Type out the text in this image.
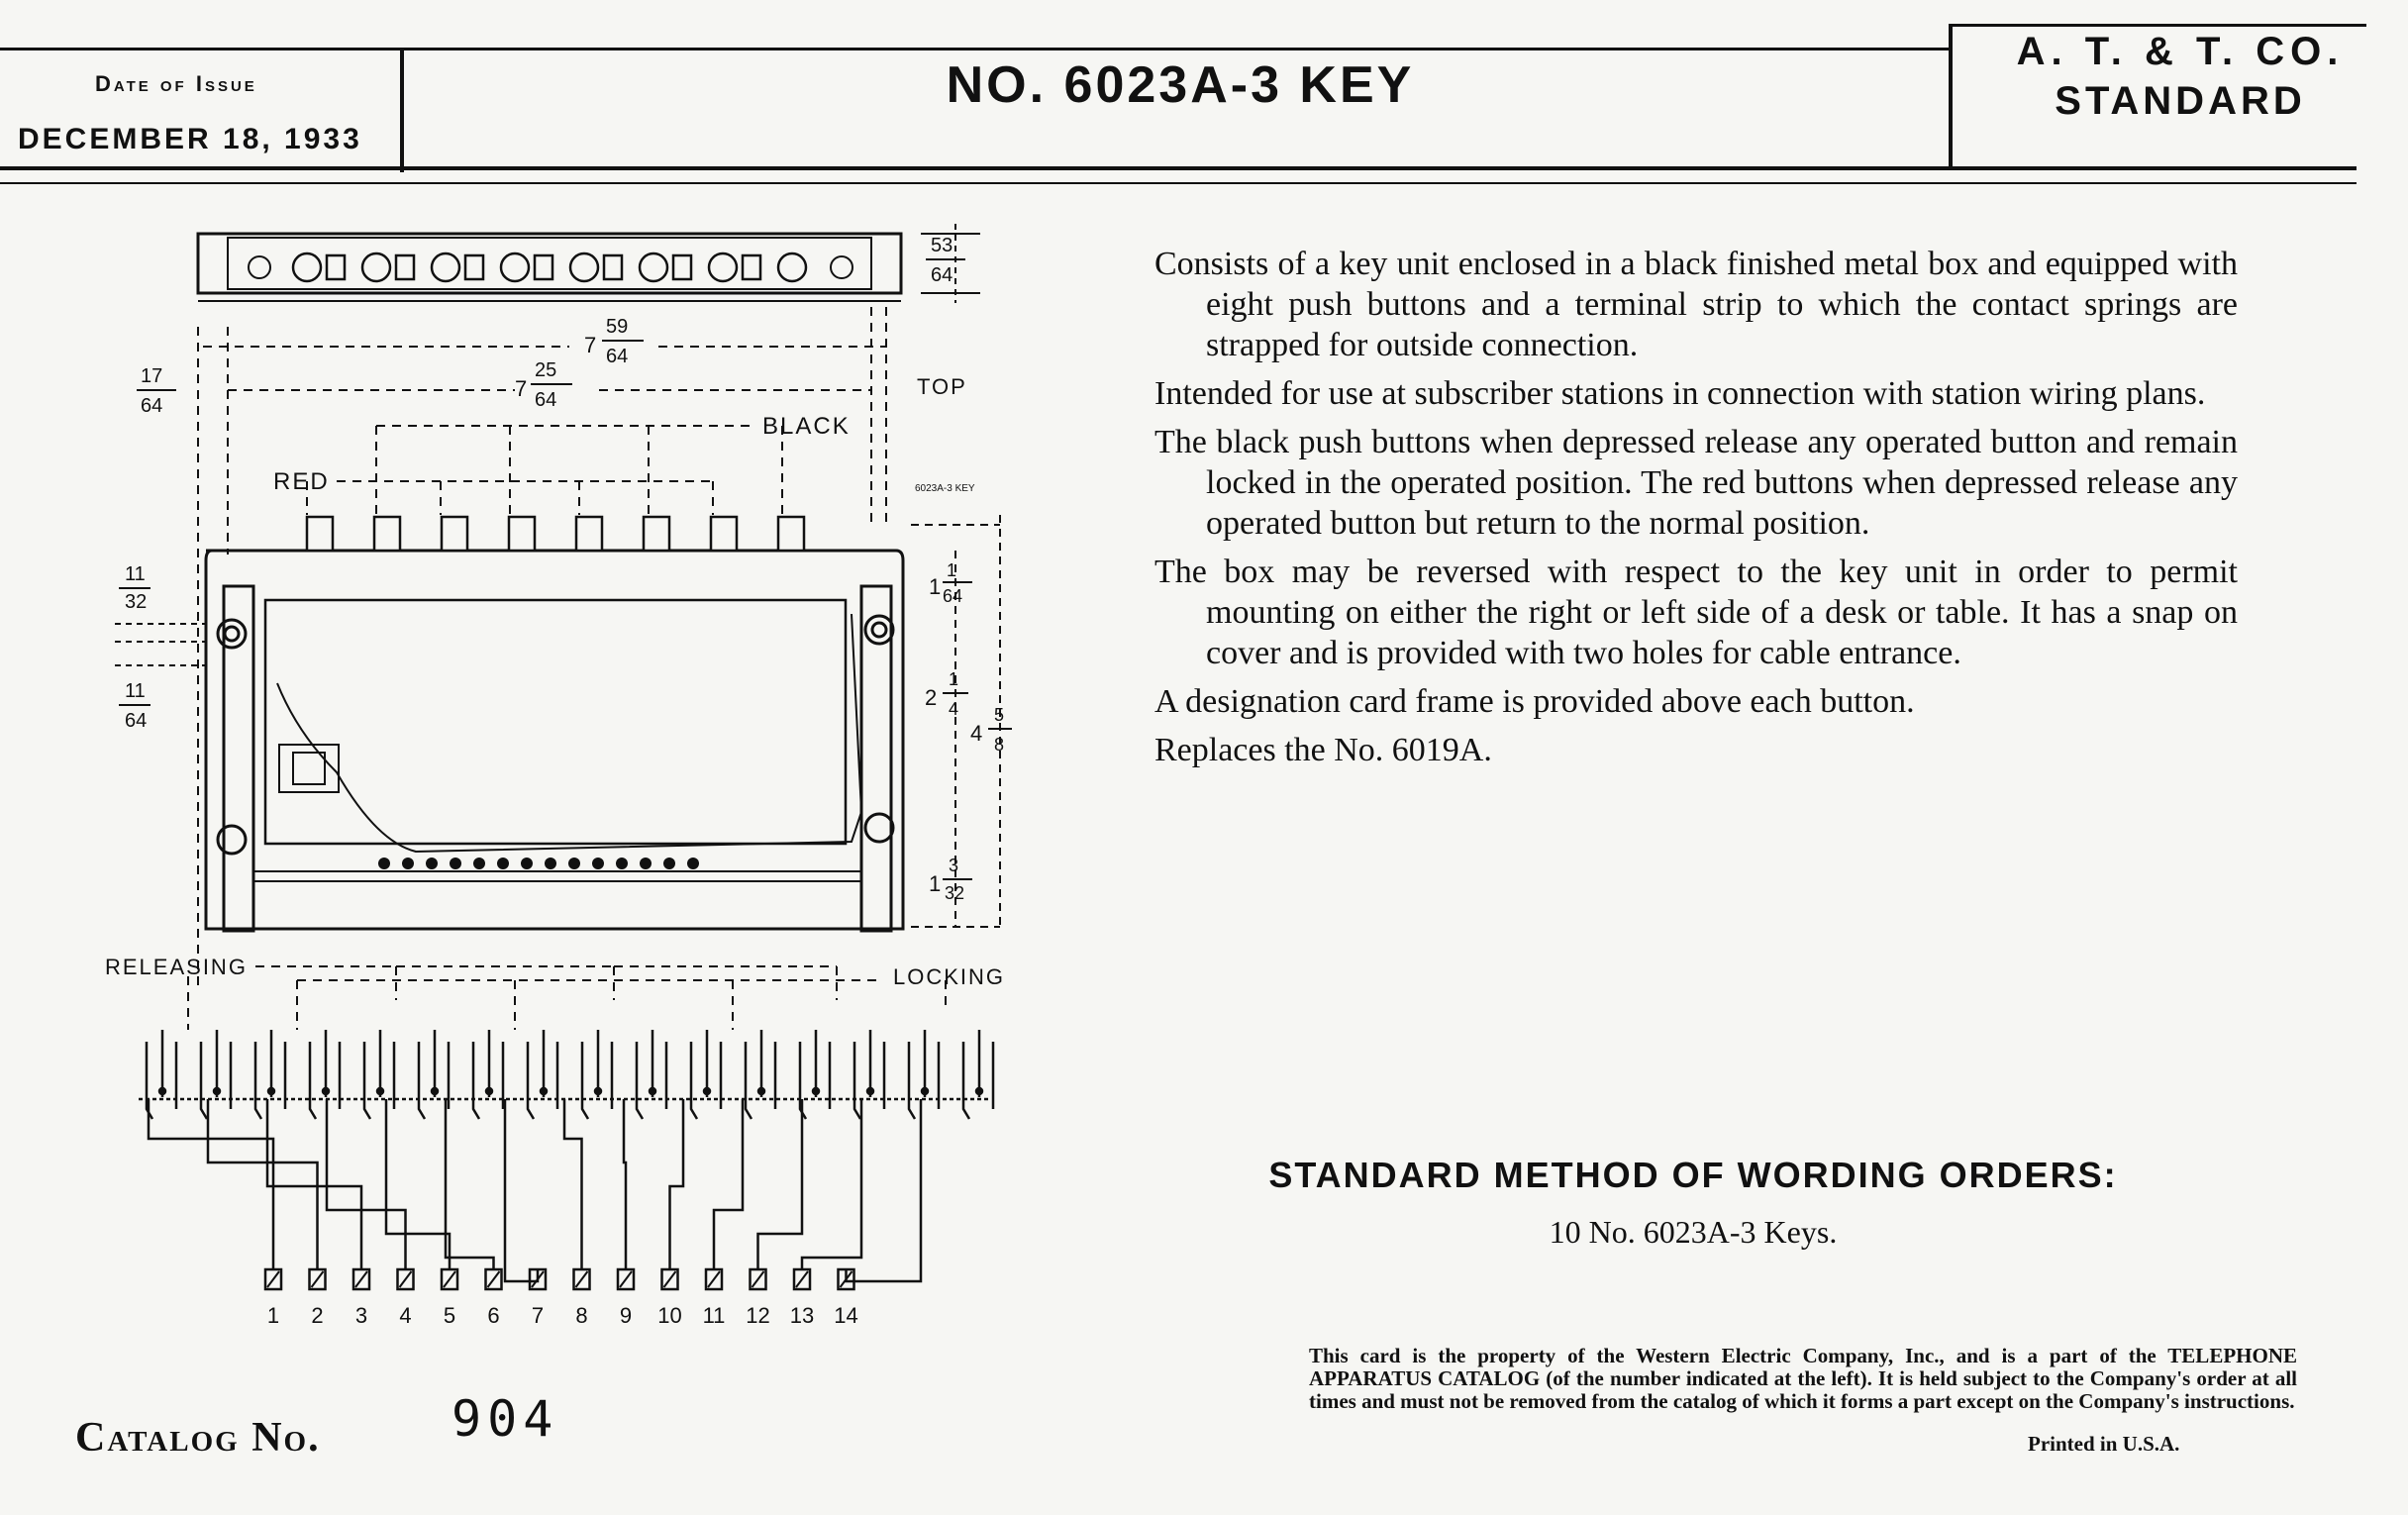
Date of Issue
DECEMBER 18, 1933
NO. 6023A-3 KEY
A. T. & T. CO.
STANDARD
53
64
7
59
64
7
25
64
17
64
TOP
BLACK
RED	6023A-3 KEY
11
32
11
64
1
1
64
2
1
4
4
5
8
1
3
32
RELEASING	LOCKING
1 2 3 4 5 6 7 8 9 10 11 12 13 14

Consists of a key unit enclosed in a black finished metal box and equipped with eight push buttons and a terminal strip to which the contact springs are strapped for outside connection.

Intended for use at subscriber stations in connection with station wiring plans.

The black push buttons when depressed release any operated button and remain locked in the operated position. The red buttons when depressed release any operated button but return to the normal position.

The box may be reversed with respect to the key unit in order to permit mounting on either the right or left side of a desk or table. It has a snap on cover and is provided with two holes for cable entrance.

A designation card frame is provided above each button.

Replaces the No. 6019A.

STANDARD METHOD OF WORDING ORDERS:
10 No. 6023A-3 Keys.
This card is the property of the Western Electric Company, Inc., and is a part of the TELEPHONE APPARATUS CATALOG (of the number indicated at the left). It is held subject to the Company's order at all times and must not be removed from the catalog of which it forms a part except on the Company's instructions.
Printed in U.S.A.
Catalog No.	904
